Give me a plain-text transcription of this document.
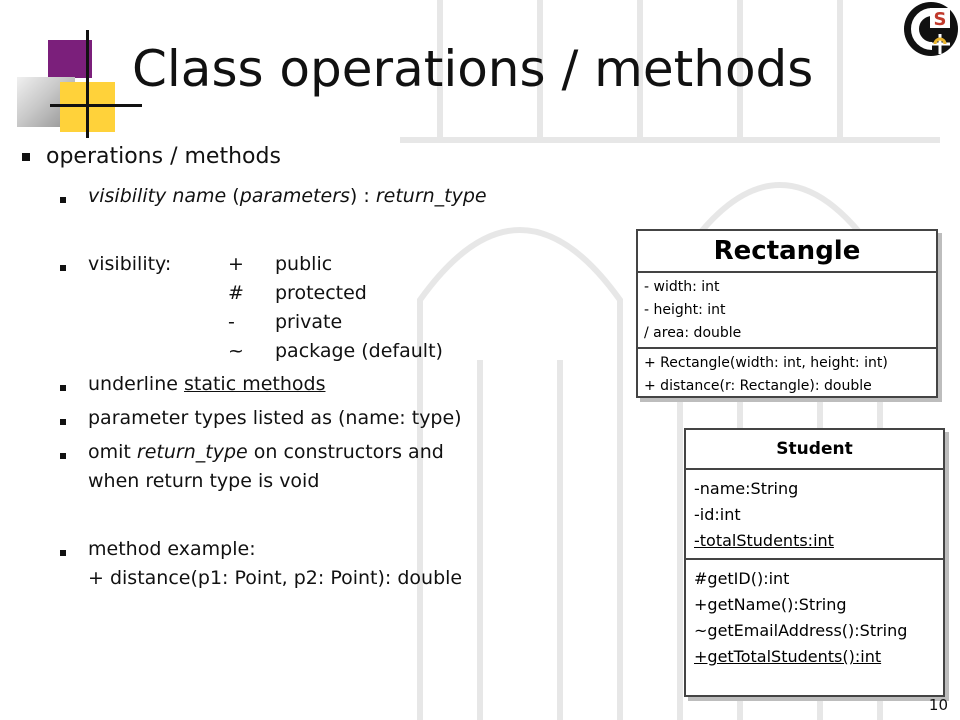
Class operations / methods
S
operations / methods
visibility name (parameters) : return_type
visibility:	+ public
# protected
- private
~ package (default)
underline static methods
parameter types listed as (name: type)
omit return_type on constructors and
when return type is void
method example:
+ distance(p1: Point, p2: Point): double
Rectangle
- width: int
- height: int
/ area: double
+ Rectangle(width: int, height: int)
+ distance(r: Rectangle): double
Student
-name:String
-id:int
-totalStudents:int
#getID():int
+getName():String
~getEmailAddress():String
+getTotalStudents():int
10
